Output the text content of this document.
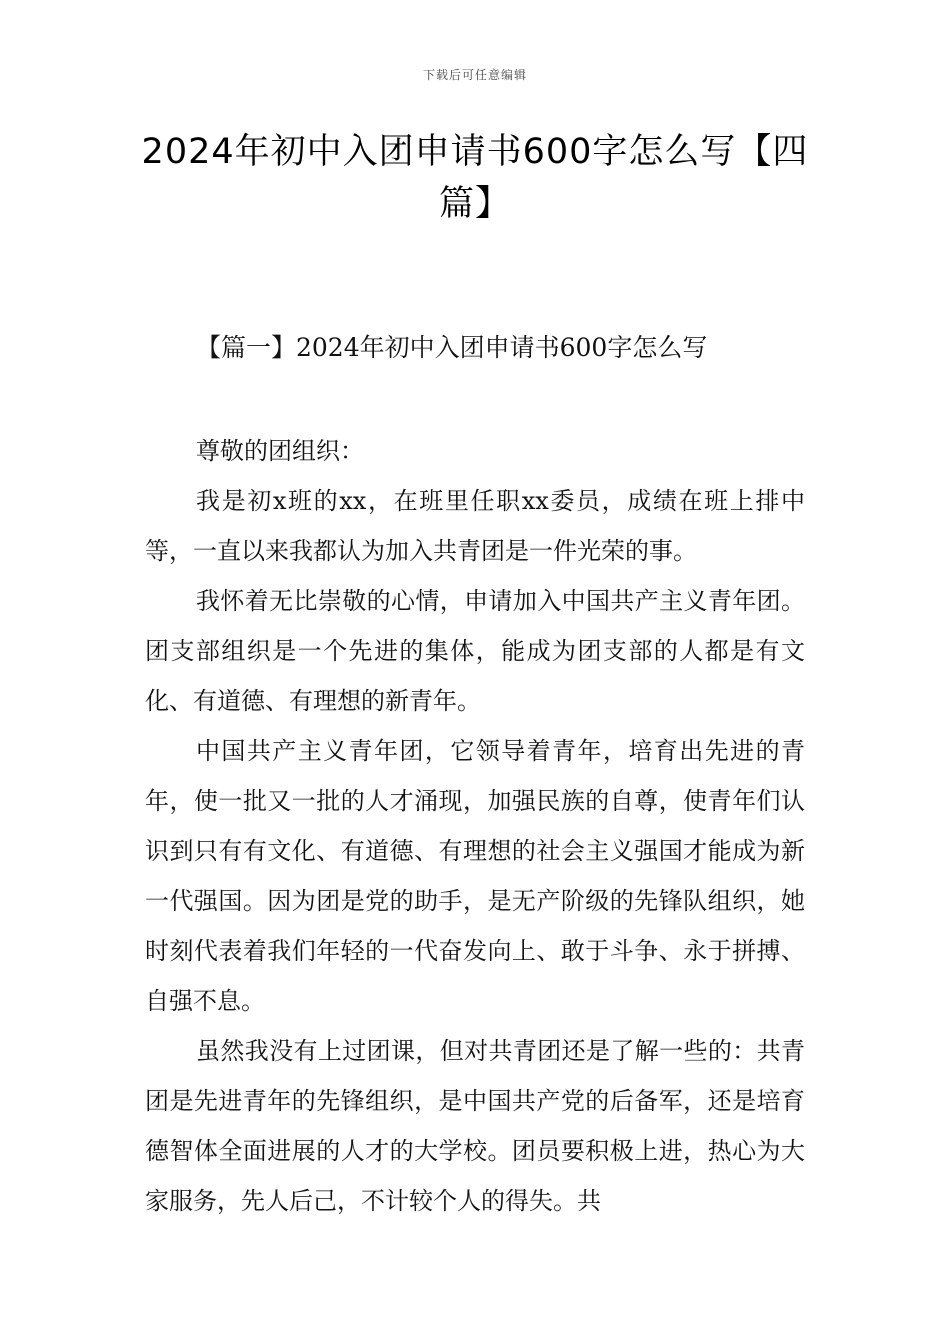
下载后可任意编辑
2024年初中入团申请书600字怎么写【四篇】
【篇一】2024年初中入团申请书600字怎么写

尊敬的团组织：

我是初x班的xx，在班里任职xx委员，成绩在班上排中等，一直以来我都认为加入共青团是一件光荣的事。

我怀着无比崇敬的心情，申请加入中国共产主义青年团。团支部组织是一个先进的集体，能成为团支部的人都是有文化、有道德、有理想的新青年。

中国共产主义青年团，它领导着青年，培育出先进的青年，使一批又一批的人才涌现，加强民族的自尊，使青年们认识到只有有文化、有道德、有理想的社会主义强国才能成为新一代强国。因为团是党的助手，是无产阶级的先锋队组织，她时刻代表着我们年轻的一代奋发向上、敢于斗争、永于拼搏、自强不息。

虽然我没有上过团课，但对共青团还是了解一些的：共青团是先进青年的先锋组织，是中国共产党的后备军，还是培育德智体全面进展的人才的大学校。团员要积极上进，热心为大家服务，先人后己，不计较个人的得失。共
